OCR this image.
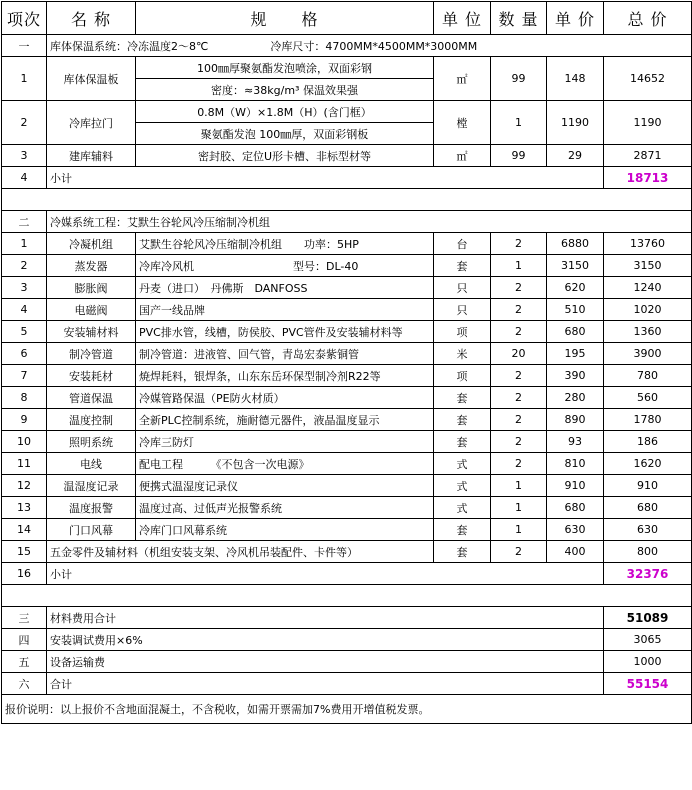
项次	名 称	规　　格	单 位	数 量	单 价	总 价
一	库体保温系统：冷冻温度2～8℃ 冷库尺寸：4700MM*4500MM*3000MM					
1	库体保温板	100㎜厚聚氨酯发泡喷涂，双面彩钢	㎡	99	148	14652
		密度：≈38kg/m³ 保温效果强				
2	冷库拉门	0.8M（W）×1.8M（H）(含门框）	樘	1	1190	1190
		聚氨酯发泡 100㎜厚，双面彩钢板				
3	建库辅料	密封胶、定位U形卡槽、非标型材等	㎡	99	29	2871
4	小计					18713

二	冷媒系统工程：艾默生谷轮风冷压缩制冷机组					
1	冷凝机组	艾默生谷轮风冷压缩制冷机组　　功率：5HP	台	2	6880	13760
2	蒸发器	冷库冷风机　　　　　　　　　型号：DL-40	套	1	3150	3150
3	膨胀阀	丹麦（进口）　丹佛斯　DANFOSS	只	2	620	1240
4	电磁阀	国产一线品牌	只	2	510	1020
5	安装辅材料	PVC排水管，线槽，防侯胶、PVC管件及安装辅材料等	项	2	680	1360
6	制冷管道	制冷管道：进液管、回气管，青岛宏泰紫铜管	米	20	195	3900
7	安装耗材	焼焊耗料，银焊条，山东东岳环保型制冷剂R22等	项	2	390	780
8	管道保温	冷媒管路保温（PE防火材质）	套	2	280	560
9	温度控制	全新PLC控制系统，施耐德元器件，液晶温度显示	套	2	890	1780
10	照明系统	冷库三防灯	套	2	93	186
11	电线	配电工程　　　《不包含一次电源》	式	2	810	1620
12	温湿度记录	便携式温湿度记录仪	式	1	910	910
13	温度报警	温度过高、过低声光报警系统	式	1	680	680
14	门口风幕	冷库门口风幕系统	套	1	630	630
15	五金零件及辅材料（机组安装支架、冷风机吊装配件、卡件等）		套	2	400	800
16	小计					32376

三	材料费用合计					51089
四	安装调试费用×6%					3065
五	设备运输费					1000
六	合计					55154
报价说明：以上报价不含地面混凝土，不含税收，如需开票需加7%费用开增值税发票。						
